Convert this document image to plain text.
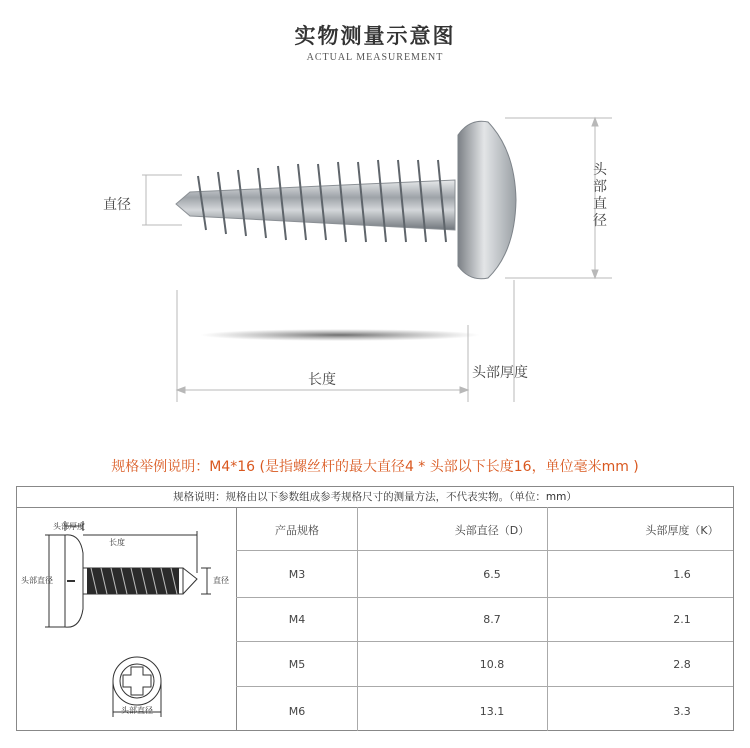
实物测量示意图
ACTUAL MEASUREMENT
直径
头部直径
长度	头部厚度
规格举例说明：M4*16 (是指螺丝杆的最大直径4 * 头部以下长度16，单位毫米mm )
规格说明：规格由以下参数组成参考规格尺寸的测量方法，不代表实物。（单位：mm）
产品规格	头部直径（D）	头部厚度（K）
M3	6.5	1.6
M4	8.7	2.1
M5	10.8	2.8
M6	13.1	3.3
头部厚度
长度
头部直径	直径
头部直径
